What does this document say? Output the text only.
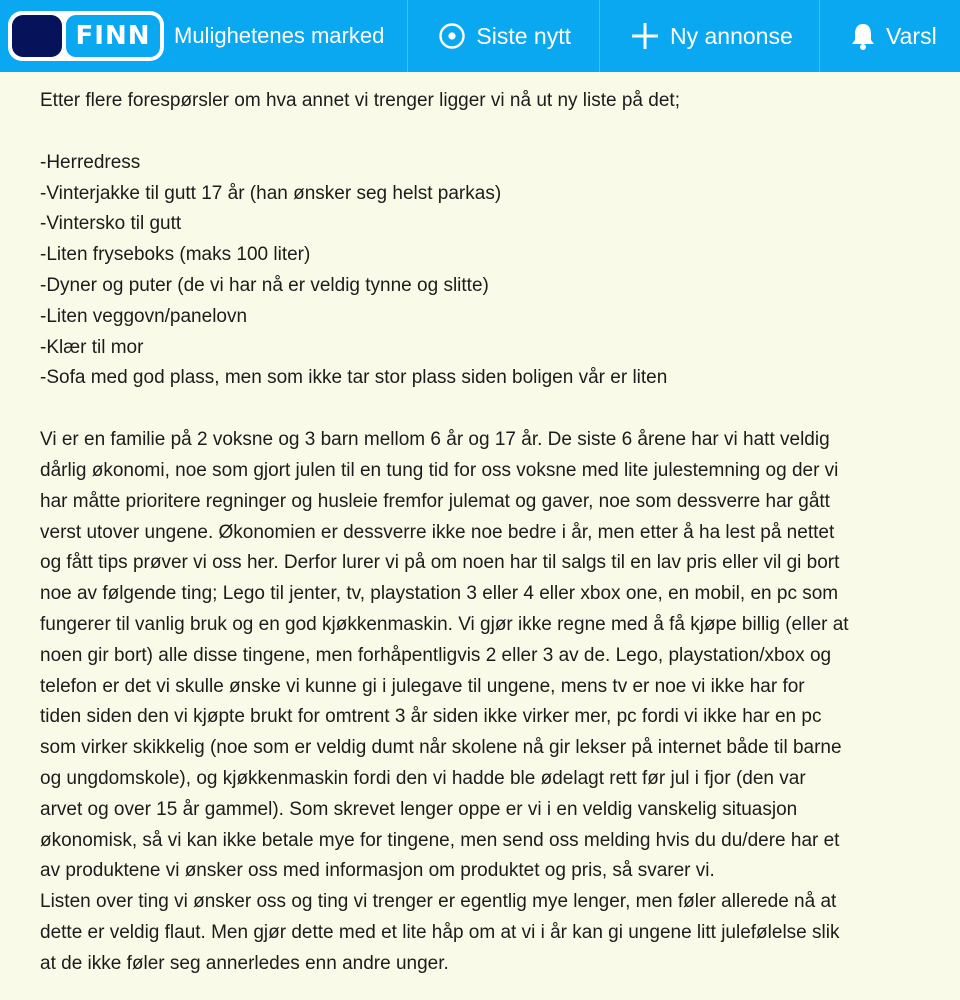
FINN	Mulighetenes marked	Siste nytt	Ny annonse	Varsl
Etter flere forespørsler om hva annet vi trenger ligger vi nå ut ny liste på det;
-Herredress
-Vinterjakke til gutt 17 år (han ønsker seg helst parkas)
-Vintersko til gutt
-Liten fryseboks (maks 100 liter)
-Dyner og puter (de vi har nå er veldig tynne og slitte)
-Liten veggovn/panelovn
-Klær til mor
-Sofa med god plass, men som ikke tar stor plass siden boligen vår er liten
Vi er en familie på 2 voksne og 3 barn mellom 6 år og 17 år. De siste 6 årene har vi hatt veldig
dårlig økonomi, noe som gjort julen til en tung tid for oss voksne med lite julestemning og der vi
har måtte prioritere regninger og husleie fremfor julemat og gaver, noe som dessverre har gått
verst utover ungene. Økonomien er dessverre ikke noe bedre i år, men etter å ha lest på nettet
og fått tips prøver vi oss her. Derfor lurer vi på om noen har til salgs til en lav pris eller vil gi bort
noe av følgende ting; Lego til jenter, tv, playstation 3 eller 4 eller xbox one, en mobil, en pc som
fungerer til vanlig bruk og en god kjøkkenmaskin. Vi gjør ikke regne med å få kjøpe billig (eller at
noen gir bort) alle disse tingene, men forhåpentligvis 2 eller 3 av de. Lego, playstation/xbox og
telefon er det vi skulle ønske vi kunne gi i julegave til ungene, mens tv er noe vi ikke har for
tiden siden den vi kjøpte brukt for omtrent 3 år siden ikke virker mer, pc fordi vi ikke har en pc
som virker skikkelig (noe som er veldig dumt når skolene nå gir lekser på internet både til barne
og ungdomskole), og kjøkkenmaskin fordi den vi hadde ble ødelagt rett før jul i fjor (den var
arvet og over 15 år gammel). Som skrevet lenger oppe er vi i en veldig vanskelig situasjon
økonomisk, så vi kan ikke betale mye for tingene, men send oss melding hvis du du/dere har et
av produktene vi ønsker oss med informasjon om produktet og pris, så svarer vi.
Listen over ting vi ønsker oss og ting vi trenger er egentlig mye lenger, men føler allerede nå at
dette er veldig flaut. Men gjør dette med et lite håp om at vi i år kan gi ungene litt julefølelse slik
at de ikke føler seg annerledes enn andre unger.
